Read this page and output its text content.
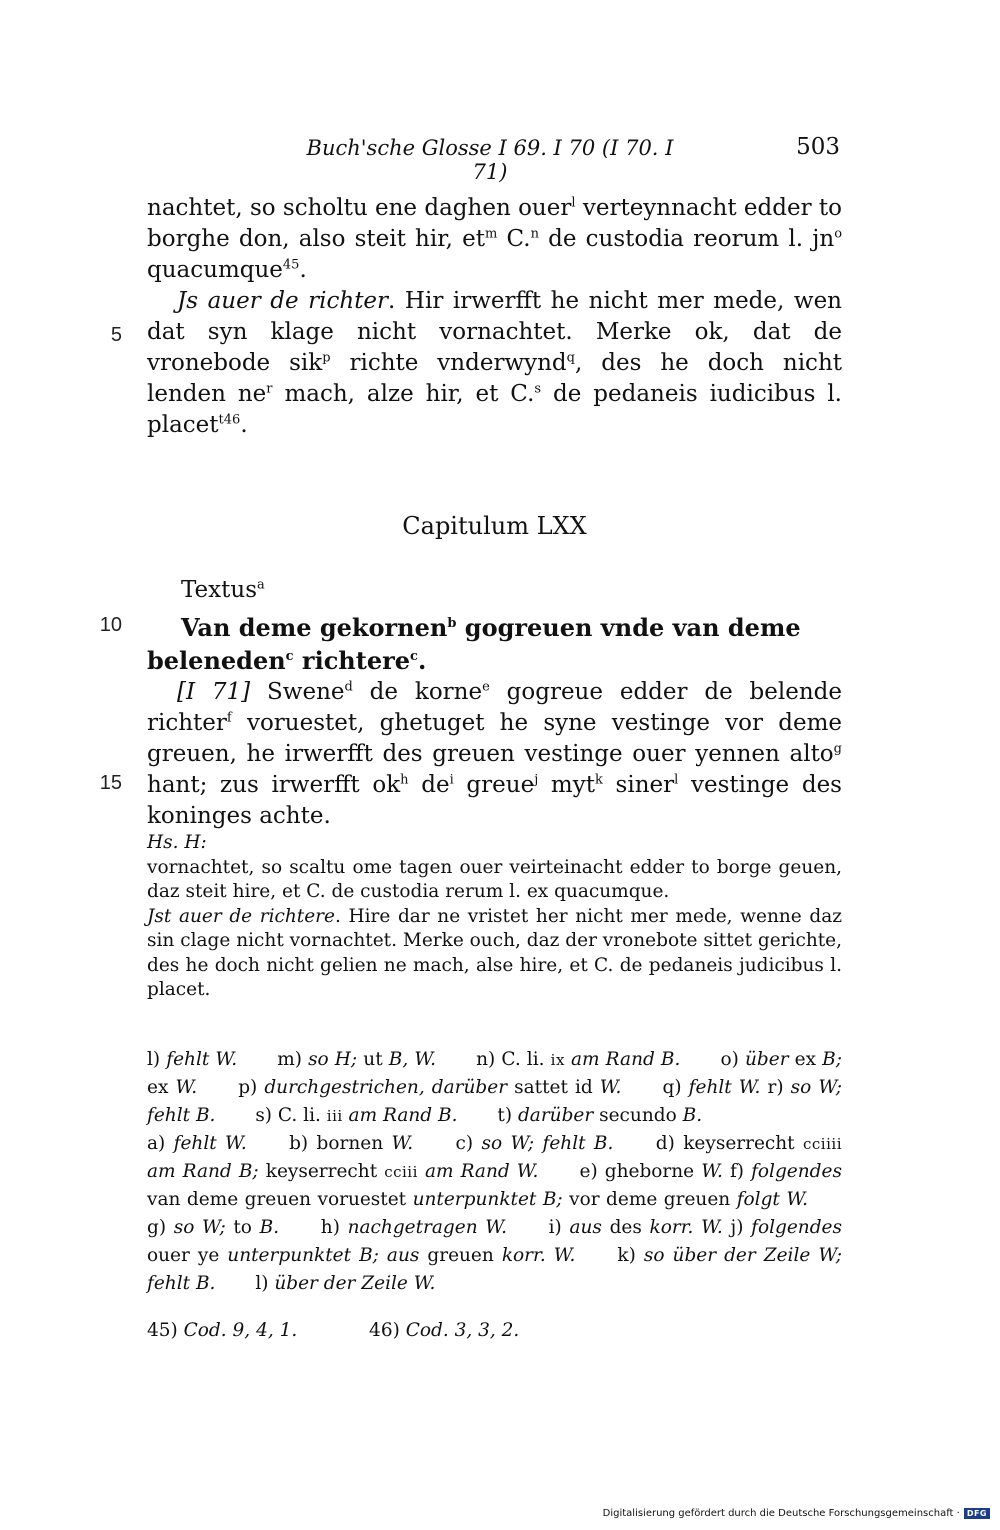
Buch'sche Glosse I 69. I 70 (I 70. I 71)
503
5
10
15

nachtet, so scholtu ene daghen ouer$^l$ verteynnacht edder to borghe don, also steit hir, $et^m$ C.$^n$ de custodia reorum l. $jn^o$ quacumque$^{45}$.

Js auer de richter. Hir irwerfft he nicht mer mede, wen dat syn klage nicht vornachtet. Merke ok, dat de vronebode sik$^p$ richte vnderwynd$^q$, des he doch nicht lenden $ne^r$ mach, alze hir, et C.$^s$ de pedaneis iudicibus l. placet$^{t46}$.

Capitulum LXX
Textus$^a$

Van deme gekornen$^b$ gogreuen vnde van deme beleneden$^c$ richtere$^c$.

[I 71] Swene$^d$ de korne$^e$ gogreue edder de belende richter$^f$ voruestet, ghetuget he syne vestinge vor deme greuen, he irwerfft des greuen vestinge ouer yennen alto$^g$ hant; zus irwerfft $ok^h$ $de^i$ greue$^j$ myt$^k$ siner$^l$ vestinge des koninges achte.

Hs. H:

vornachtet, so scaltu ome tagen ouer veirteinacht edder to borge geuen, daz steit hire, et C. de custodia rerum l. ex quacumque.

Jst auer de richtere. Hire dar ne vristet her nicht mer mede, wenne daz sin clage nicht vornachtet. Merke ouch, daz der vronebote sittet gerichte, des he doch nicht gelien ne mach, alse hire, et C. de pedaneis judicibus l. placet.

l) fehlt W. m) so H; ut B, W. n) C. li. ix am Rand B. o) über ex B; ex W. p) durchgestrichen, darüber sattet id W. q) fehlt W. r) so W; fehlt B. s) C. li. iii am Rand B. t) darüber secundo B.

a) fehlt W. b) bornen W. c) so W; fehlt B. d) keyserrecht cciiii am Rand B; keyserrecht cciii am Rand W. e) gheborne W. f) folgendes van deme greuen voruestet unterpunktet B; vor deme greuen folgt W. g) so W; to B. h) nachgetragen W. i) aus des korr. W. j) folgendes ouer ye unterpunktet B; aus greuen korr. W. k) so über der Zeile W; fehlt B. l) über der Zeile W.

45) Cod. 9, 4, 1.	46) Cod. 3, 3, 2.
Digitalisierung gefördert durch die Deutsche Forschungsgemeinschaft · DFG
